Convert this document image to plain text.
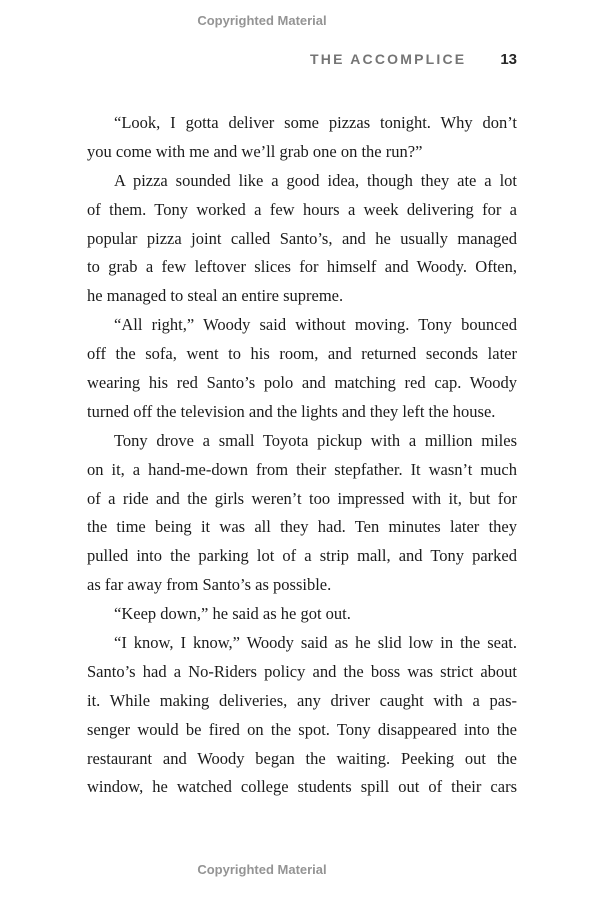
Copyrighted Material
THE ACCOMPLICE 13
“Look, I gotta deliver some pizzas tonight. Why don’t
you come with me and we’ll grab one on the run?”
A pizza sounded like a good idea, though they ate a lot
of them. Tony worked a few hours a week delivering for a
popular pizza joint called Santo’s, and he usually managed
to grab a few leftover slices for himself and Woody. Often,
he managed to steal an entire supreme.
“All right,” Woody said without moving. Tony bounced
off the sofa, went to his room, and returned seconds later
wearing his red Santo’s polo and matching red cap. Woody
turned off the television and the lights and they left the house.
Tony drove a small Toyota pickup with a million miles
on it, a hand-me-down from their stepfather. It wasn’t much
of a ride and the girls weren’t too impressed with it, but for
the time being it was all they had. Ten minutes later they
pulled into the parking lot of a strip mall, and Tony parked
as far away from Santo’s as possible.
“Keep down,” he said as he got out.
“I know, I know,” Woody said as he slid low in the seat.
Santo’s had a No-Riders policy and the boss was strict about
it. While making deliveries, any driver caught with a pas-
senger would be fired on the spot. Tony disappeared into the
restaurant and Woody began the waiting. Peeking out the
window, he watched college students spill out of their cars
Copyrighted Material
